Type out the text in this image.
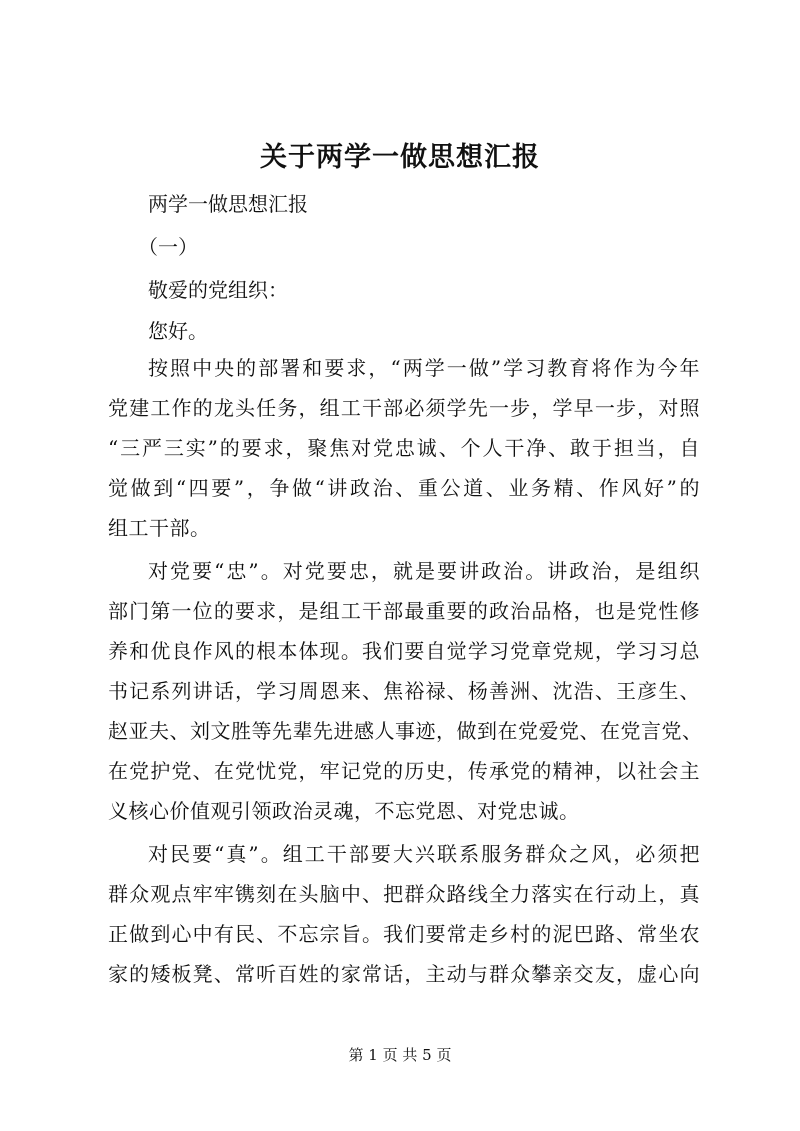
关于两学一做思想汇报
两学一做思想汇报
（一）
敬爱的党组织：
您好。
按照中央的部署和要求，“两学一做”学习教育将作为今年
党建工作的龙头任务，组工干部必须学先一步，学早一步，对照
“三严三实”的要求，聚焦对党忠诚、个人干净、敢于担当，自
觉做到“四要”，争做“讲政治、重公道、业务精、作风好”的
组工干部。
对党要“忠”。对党要忠，就是要讲政治。讲政治，是组织
部门第一位的要求，是组工干部最重要的政治品格，也是党性修
养和优良作风的根本体现。我们要自觉学习党章党规，学习习总
书记系列讲话，学习周恩来、焦裕禄、杨善洲、沈浩、王彦生、
赵亚夫、刘文胜等先辈先进感人事迹，做到在党爱党、在党言党、
在党护党、在党忧党，牢记党的历史，传承党的精神，以社会主
义核心价值观引领政治灵魂，不忘党恩、对党忠诚。
对民要“真”。组工干部要大兴联系服务群众之风，必须把
群众观点牢牢镌刻在头脑中、把群众路线全力落实在行动上，真
正做到心中有民、不忘宗旨。我们要常走乡村的泥巴路、常坐农
家的矮板凳、常听百姓的家常话，主动与群众攀亲交友，虚心向
第 1 页 共 5 页
